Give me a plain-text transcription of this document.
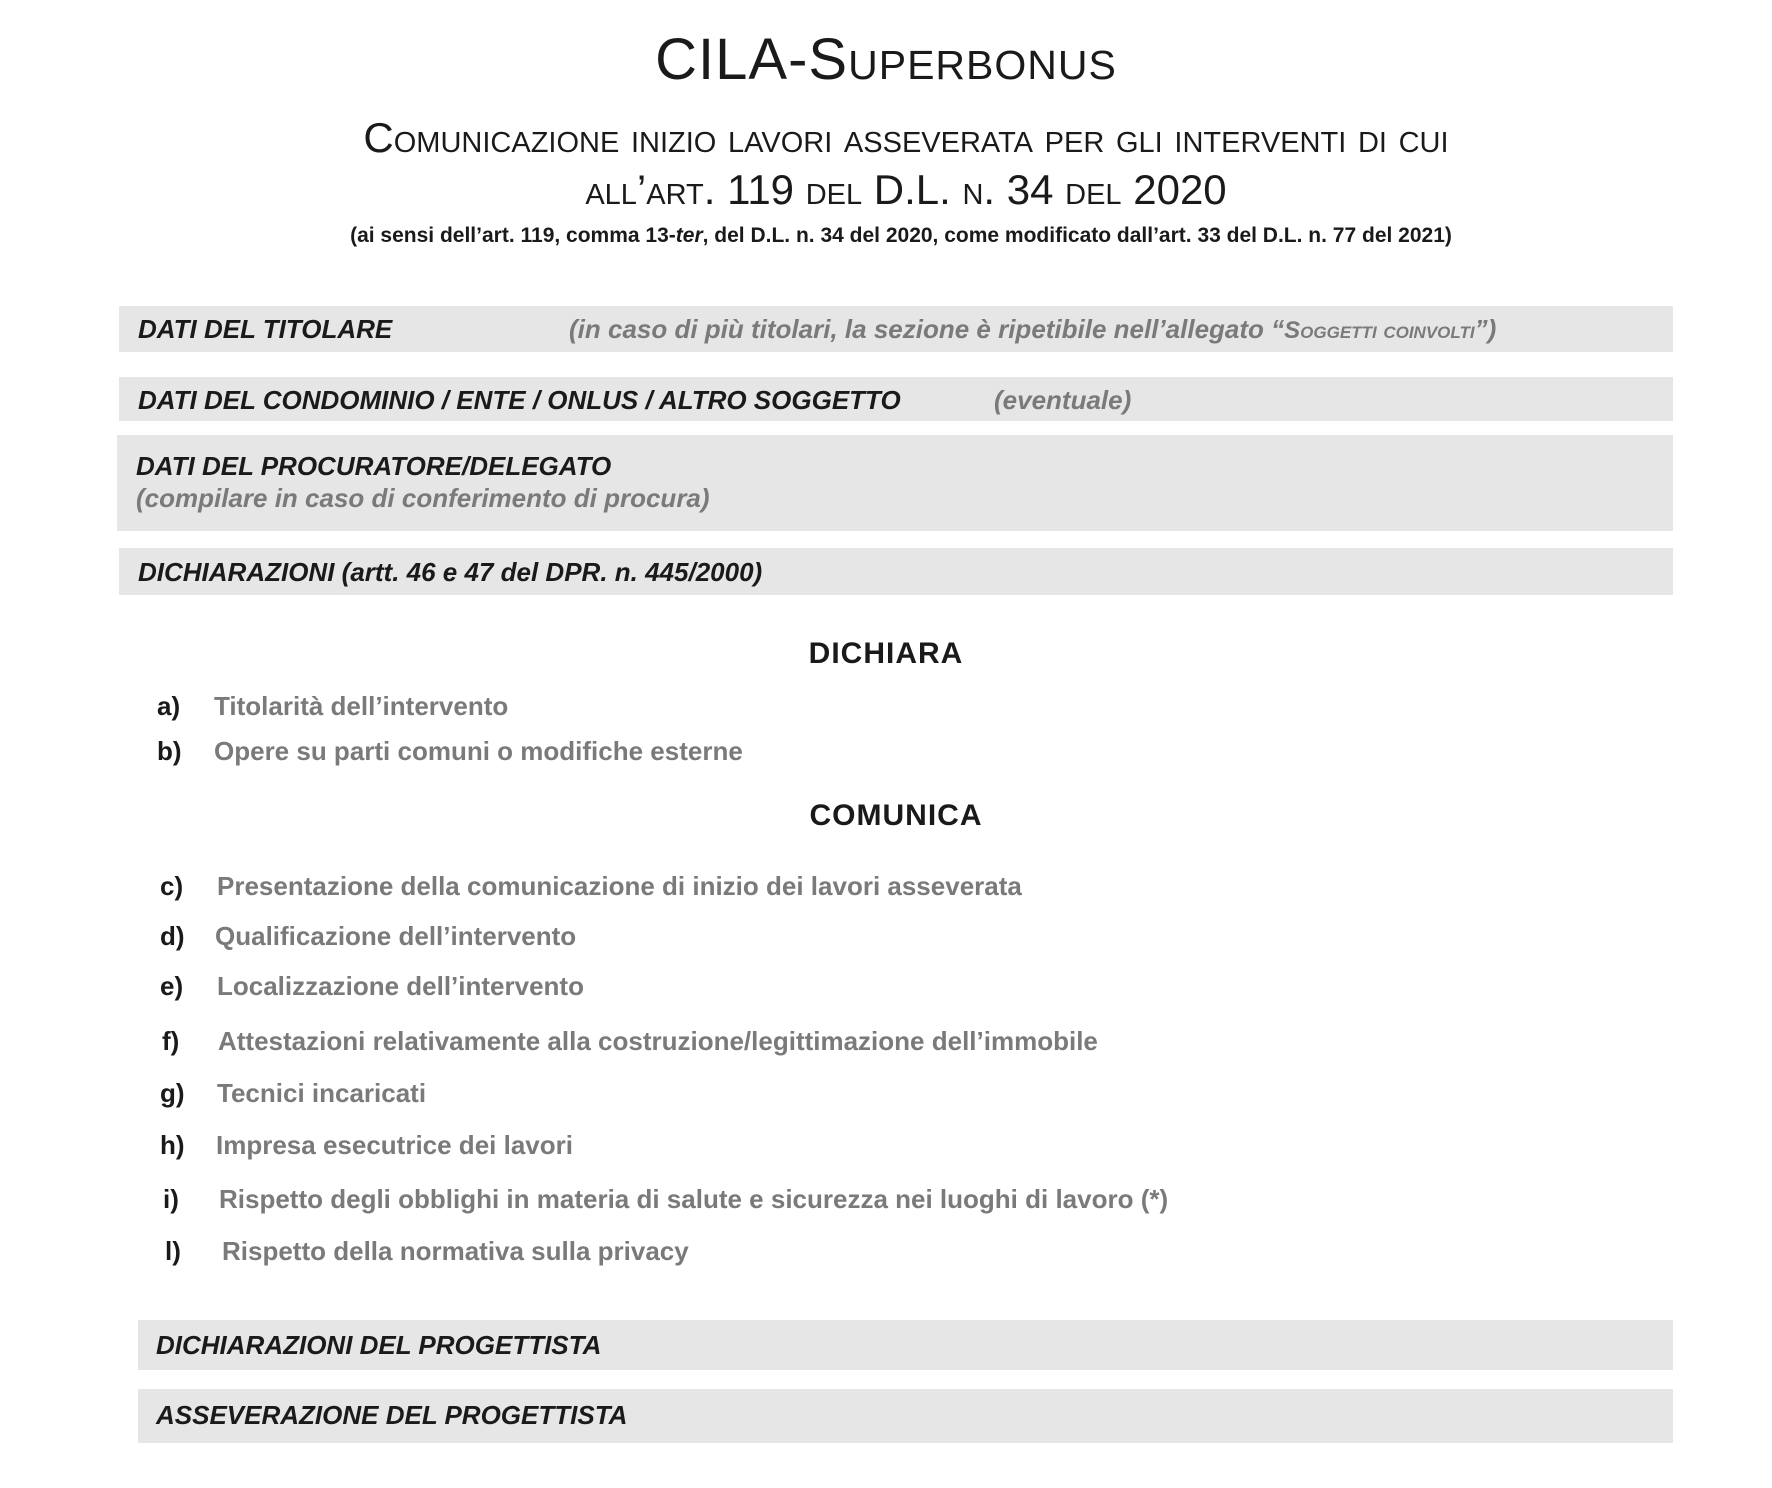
CILA-Superbonus
Comunicazione inizio lavori asseverata per gli interventi di cui
all’art. 119 del D.L. n. 34 del 2020
(ai sensi dell’art. 119, comma 13-ter, del D.L. n. 34 del 2020, come modificato dall’art. 33 del D.L. n. 77 del 2021)
DATI DEL TITOLARE	(in caso di più titolari, la sezione è ripetibile nell’allegato “Soggetti coinvolti”)
DATI DEL CONDOMINIO / ENTE / ONLUS / ALTRO SOGGETTO	(eventuale)
DATI DEL PROCURATORE/DELEGATO
(compilare in caso di conferimento di procura)
DICHIARAZIONI (artt. 46 e 47 del DPR. n. 445/2000)
DICHIARA
a) Titolarità dell’intervento
b) Opere su parti comuni o modifiche esterne
COMUNICA
c) Presentazione della comunicazione di inizio dei lavori asseverata
d) Qualificazione dell’intervento
e) Localizzazione dell’intervento
f) Attestazioni relativamente alla costruzione/legittimazione dell’immobile
g) Tecnici incaricati
h) Impresa esecutrice dei lavori
i) Rispetto degli obblighi in materia di salute e sicurezza nei luoghi di lavoro (*)
l) Rispetto della normativa sulla privacy
DICHIARAZIONI DEL PROGETTISTA
ASSEVERAZIONE DEL PROGETTISTA
